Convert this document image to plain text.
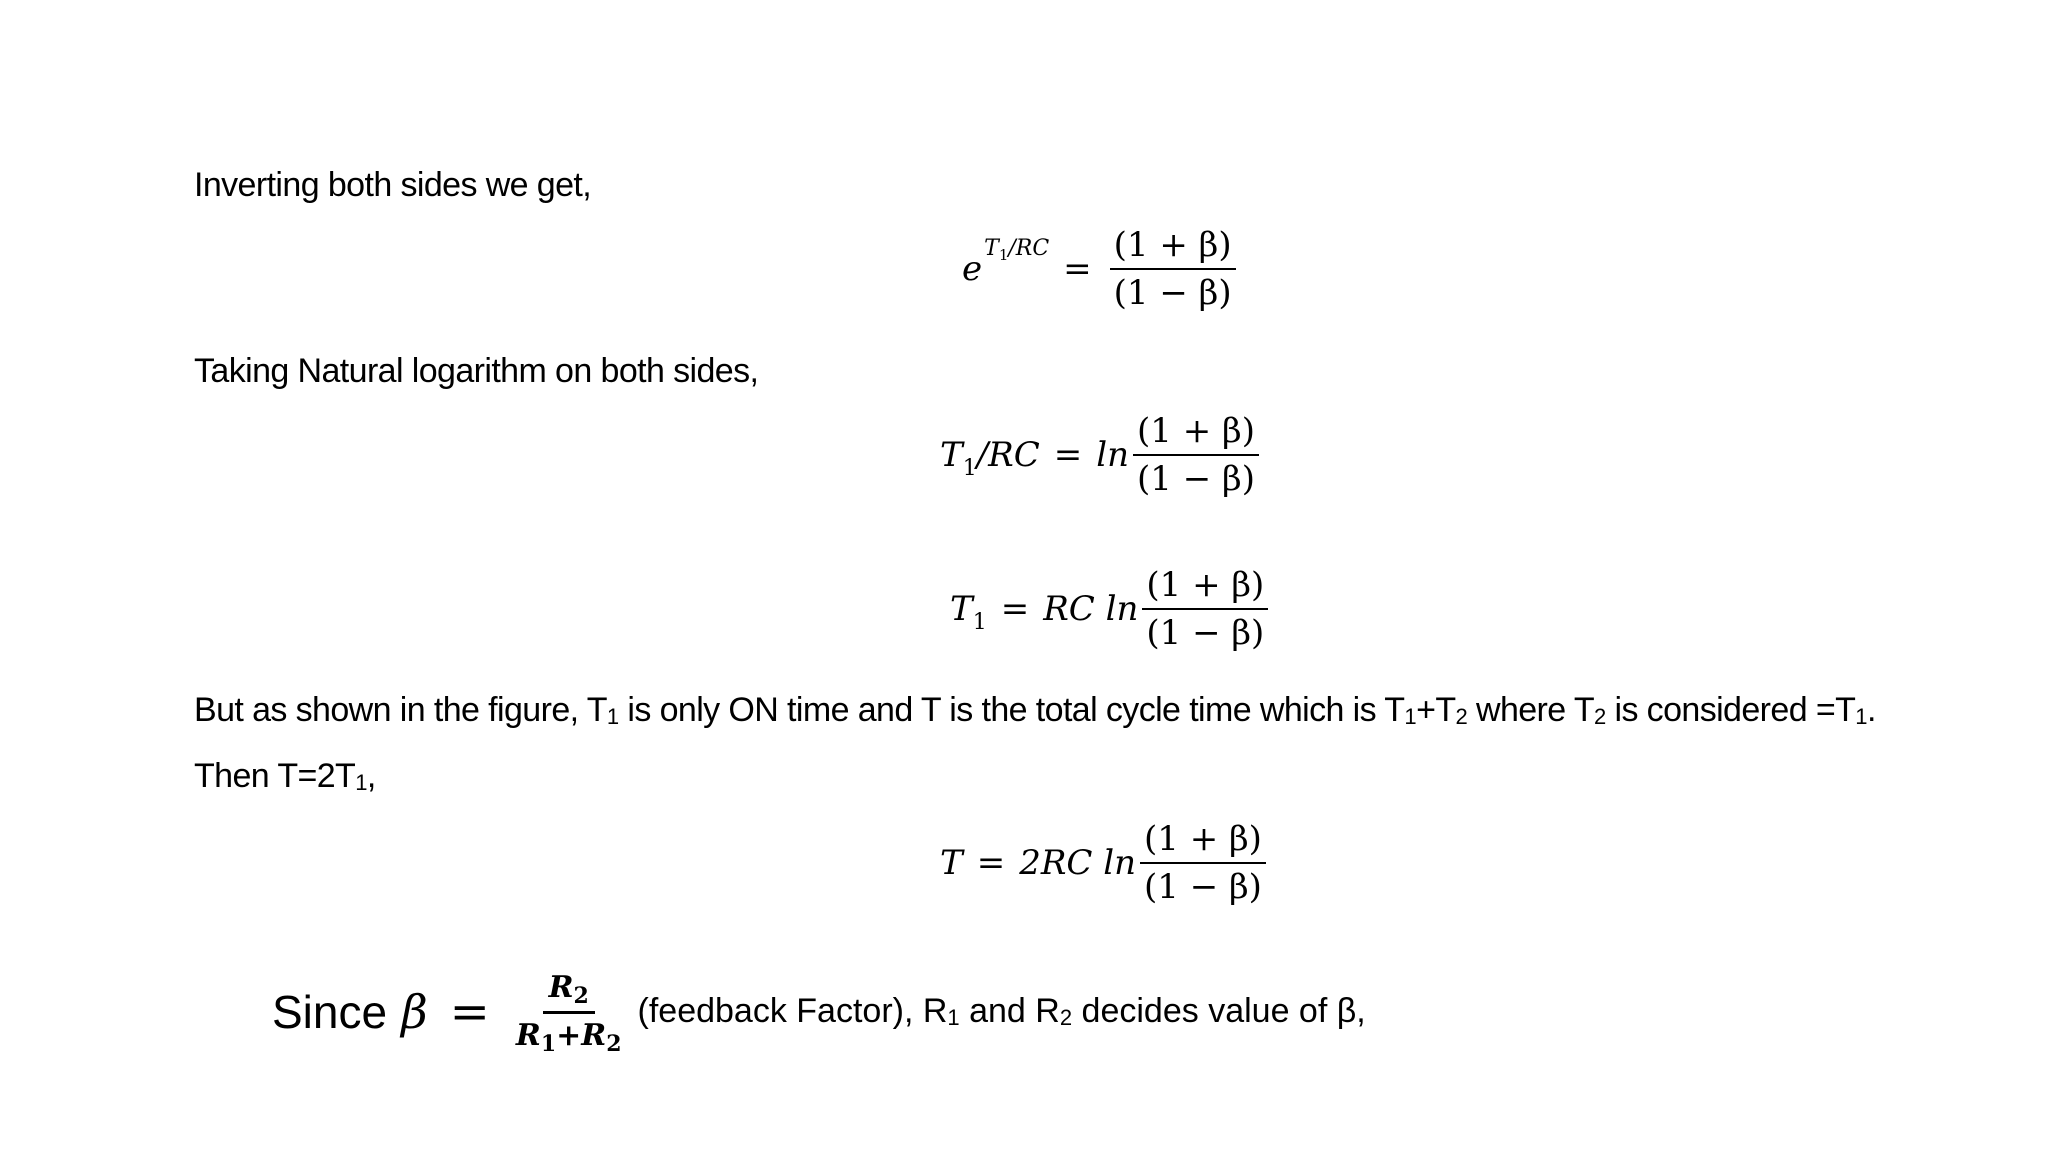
Inverting both sides we get,
e
$T_1/RC$
= $\frac{(1 + \beta)}{(1 - \beta)}$
Taking Natural logarithm on both sides,
$T_1/RC = \ln \frac{(1 + \beta)}{(1 - \beta)}$
$T_1$ = RC $\ln \frac{(1 + \beta)}{(1 - \beta)}$
But as shown in the figure, $T_1$ is only ON time and T is the total cycle time which is $T_1+T_2$ where $T_2$ is considered $=T_1$.
Then $T=2T_1$,
T = 2RC $\ln \frac{(1 + \beta)}{(1 - \beta)}$
Since $\beta = \frac{R_2}{R_1+R_2}$ (feedback Factor), $R_1$ and $R_2$ decides value of β,
